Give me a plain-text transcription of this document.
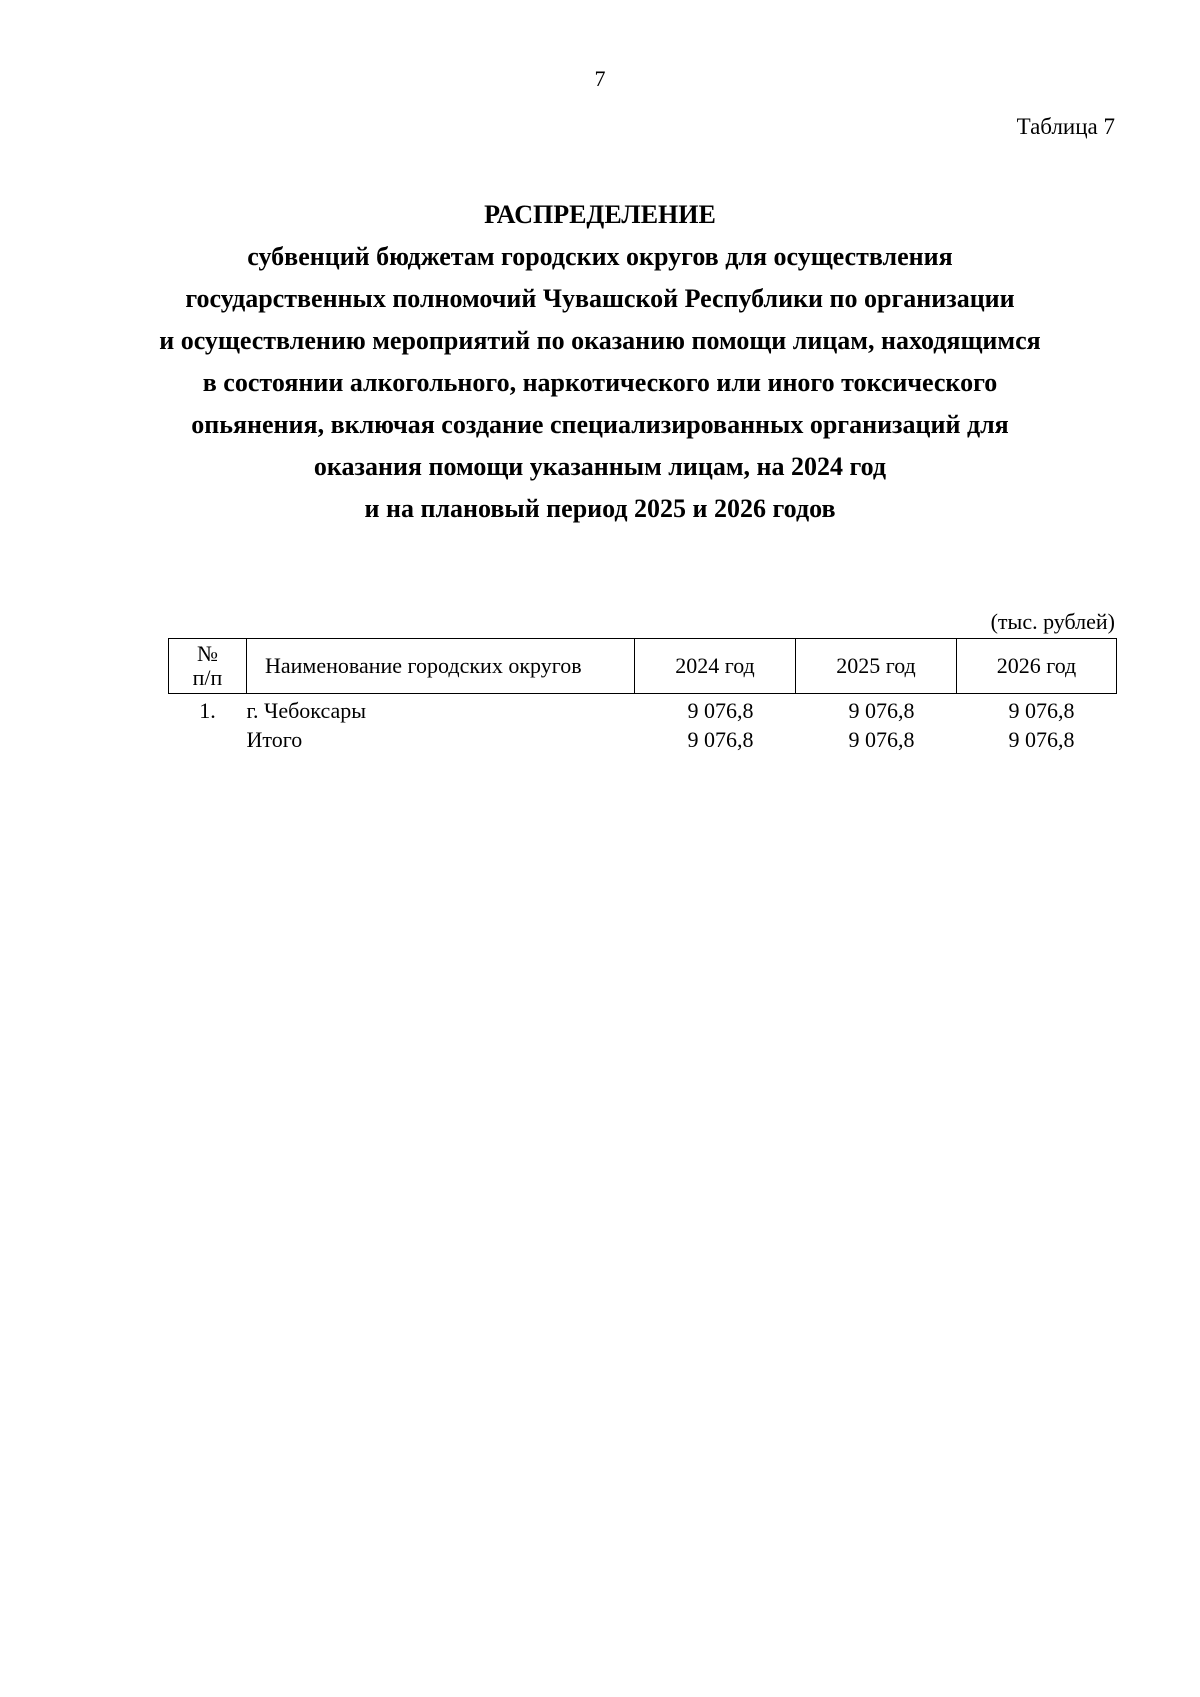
7
Таблица 7
РАСПРЕДЕЛЕНИЕ
субвенций бюджетам городских округов для осуществления
государственных полномочий Чувашской Республики по организации
и осуществлению мероприятий по оказанию помощи лицам, находящимся
в состоянии алкогольного, наркотического или иного токсического
опьянения, включая создание специализированных организаций для
оказания помощи указанным лицам, на 2024 год
и на плановый период 2025 и 2026 годов
(тыс. рублей)
№
п/п	Наименование городских округов	2024 год	2025 год	2026 год
1.	г. Чебоксары	9 076,8	9 076,8	9 076,8
	Итого	9 076,8	9 076,8	9 076,8
